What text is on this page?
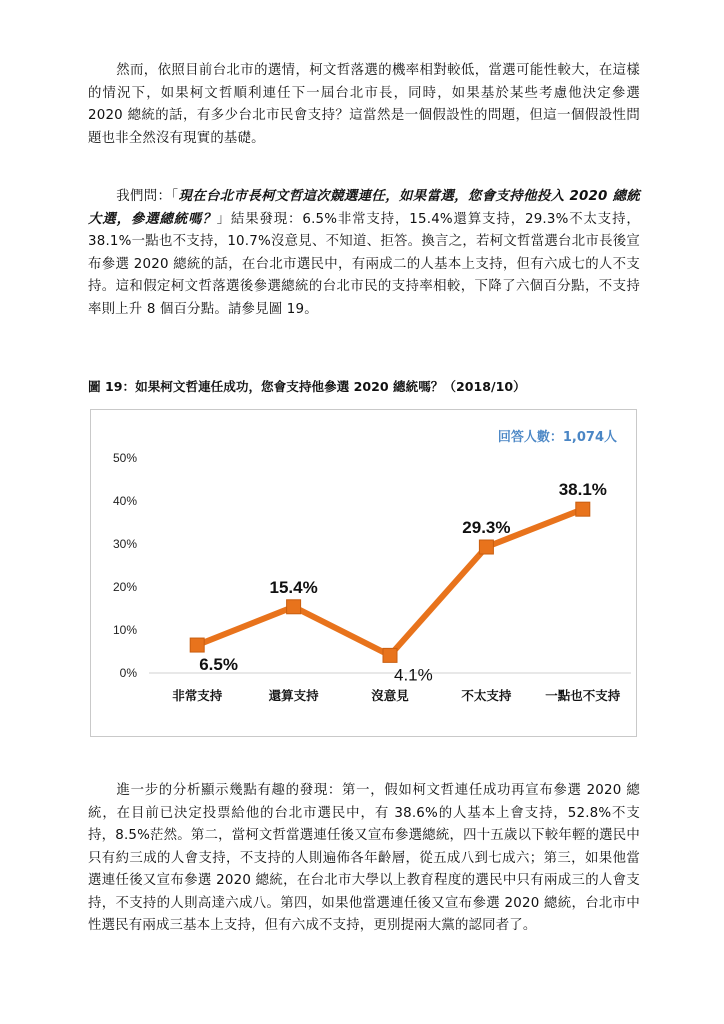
然而，依照目前台北市的選情，柯文哲落選的機率相對較低，當選可能性較大，在這樣的情況下，如果柯文哲順利連任下一屆台北市長，同時，如果基於某些考慮他決定參選 2020 總統的話，有多少台北市民會支持？這當然是一個假設性的問題，但這一個假設性問題也非全然沒有現實的基礎。

我們問：「現在台北市長柯文哲這次競選連任，如果當選，您會支持他投入 2020 總統大選，參選總統嗎？」結果發現：6.5%非常支持，15.4%還算支持，29.3%不太支持，38.1%一點也不支持，10.7%沒意見、不知道、拒答。換言之，若柯文哲當選台北市長後宣布參選 2020 總統的話，在台北市選民中，有兩成二的人基本上支持，但有六成七的人不支持。這和假定柯文哲落選後參選總統的台北市民的支持率相較，下降了六個百分點，不支持率則上升 8 個百分點。請參見圖 19。

圖 19：如果柯文哲連任成功，您會支持他參選 2020 總統嗎？（2018/10）
0%
10%
20%
30%
40%
50%
非常支持	還算支持	沒意見	不太支持	一點也不支持
6.5%
15.4%
4.1%
29.3%
38.1%
回答人數：1,074人

進一步的分析顯示幾點有趣的發現：第一，假如柯文哲連任成功再宣布參選 2020 總統，在目前已決定投票給他的台北市選民中，有 38.6%的人基本上會支持，52.8%不支持，8.5%茫然。第二，當柯文哲當選連任後又宣布參選總統，四十五歲以下較年輕的選民中只有約三成的人會支持，不支持的人則遍佈各年齡層，從五成八到七成六；第三，如果他當選連任後又宣布參選 2020 總統，在台北市大學以上教育程度的選民中只有兩成三的人會支持，不支持的人則高達六成八。第四，如果他當選連任後又宣布參選 2020 總統，台北市中性選民有兩成三基本上支持，但有六成不支持，更別提兩大黨的認同者了。
